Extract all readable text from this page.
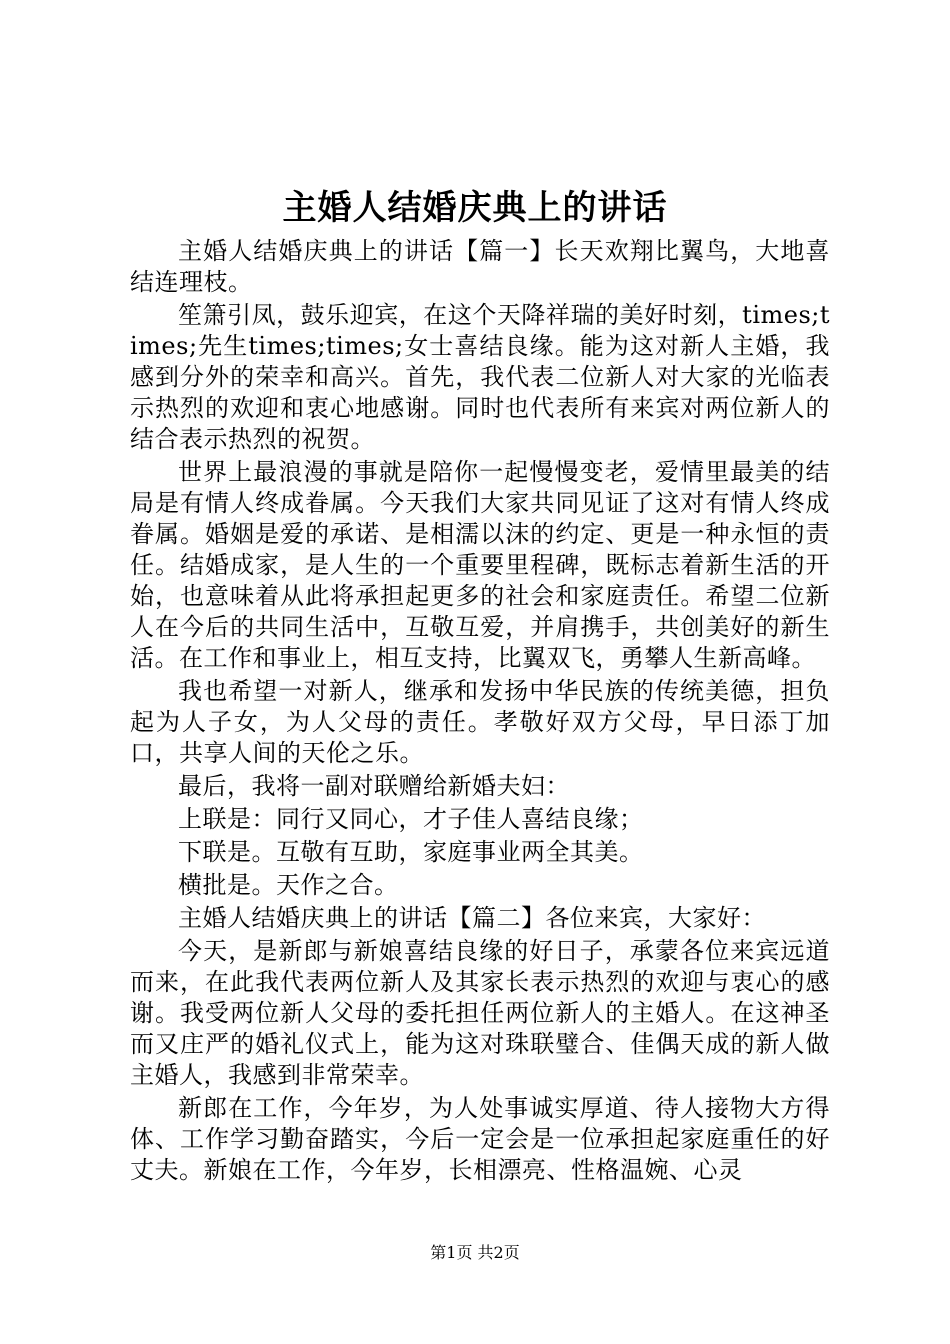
主婚人结婚庆典上的讲话

主婚人结婚庆典上的讲话【篇一】长天欢翔比翼鸟，大地喜结连理枝。

笙箫引凤，鼓乐迎宾，在这个天降祥瑞的美好时刻，times;times;先生times;times;女士喜结良缘。能为这对新人主婚，我感到分外的荣幸和高兴。首先，我代表二位新人对大家的光临表示热烈的欢迎和衷心地感谢。同时也代表所有来宾对两位新人的结合表示热烈的祝贺。

世界上最浪漫的事就是陪你一起慢慢变老，爱情里最美的结局是有情人终成眷属。今天我们大家共同见证了这对有情人终成眷属。婚姻是爱的承诺、是相濡以沫的约定、更是一种永恒的责任。结婚成家，是人生的一个重要里程碑，既标志着新生活的开始，也意味着从此将承担起更多的社会和家庭责任。希望二位新人在今后的共同生活中，互敬互爱，并肩携手，共创美好的新生活。在工作和事业上，相互支持，比翼双飞，勇攀人生新高峰。

我也希望一对新人，继承和发扬中华民族的传统美德，担负起为人子女，为人父母的责任。孝敬好双方父母，早日添丁加口，共享人间的天伦之乐。

最后，我将一副对联赠给新婚夫妇：

上联是：同行又同心，才子佳人喜结良缘；

下联是。互敬有互助，家庭事业两全其美。

横批是。天作之合。

主婚人结婚庆典上的讲话【篇二】各位来宾，大家好：

今天，是新郎与新娘喜结良缘的好日子，承蒙各位来宾远道而来，在此我代表两位新人及其家长表示热烈的欢迎与衷心的感谢。我受两位新人父母的委托担任两位新人的主婚人。在这神圣而又庄严的婚礼仪式上，能为这对珠联璧合、佳偶天成的新人做主婚人，我感到非常荣幸。

新郎在工作，今年岁，为人处事诚实厚道、待人接物大方得体、工作学习勤奋踏实，今后一定会是一位承担起家庭重任的好丈夫。新娘在工作，今年岁，长相漂亮、性格温婉、心灵

第1页 共2页
